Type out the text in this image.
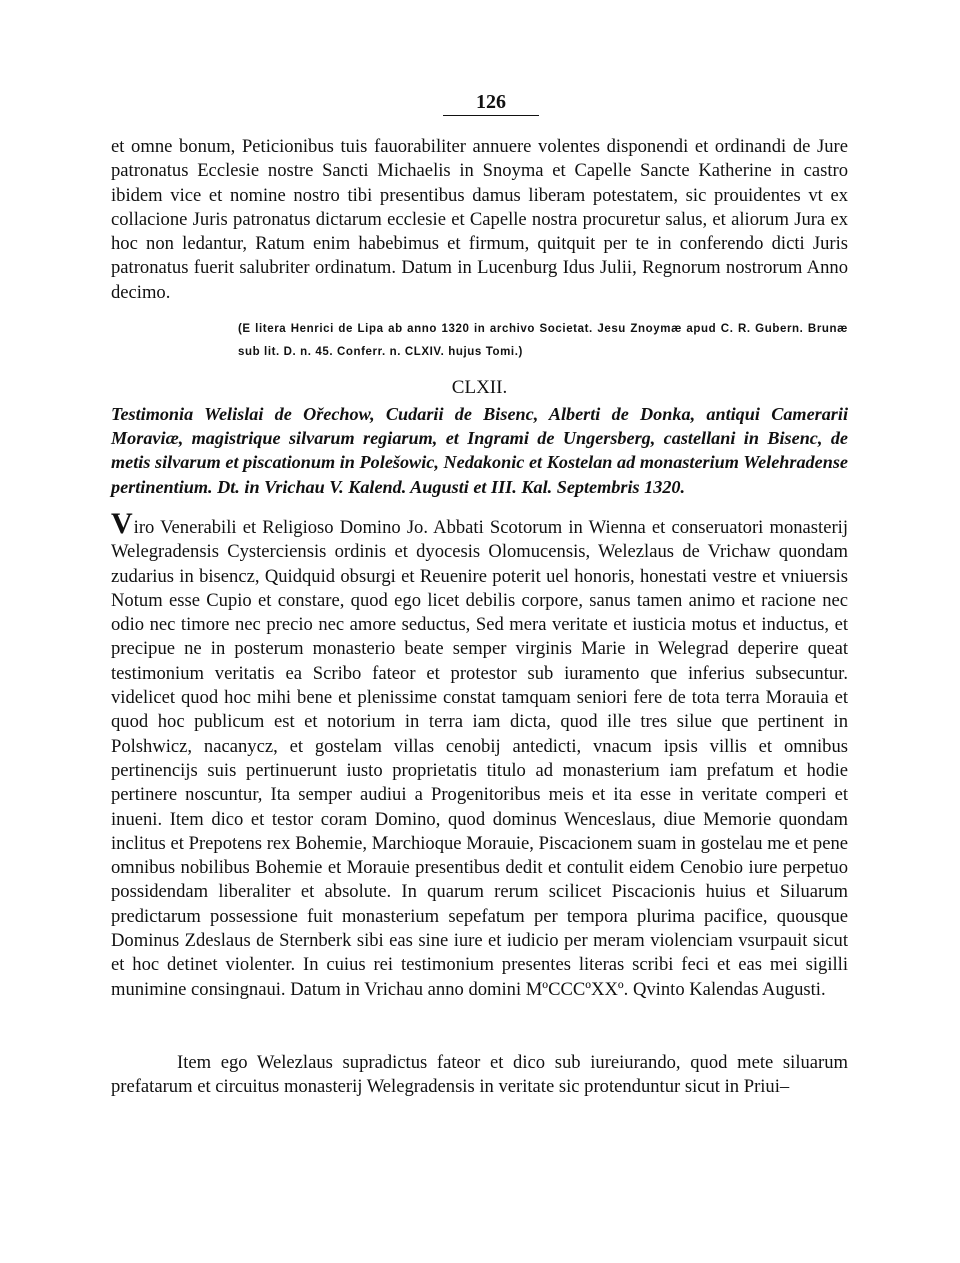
126
et omne bonum, Peticionibus tuis fauorabiliter annuere volentes disponendi et ordinandi de Jure patronatus Ecclesie nostre Sancti Michaelis in Snoyma et Capelle Sancte Katherine in castro ibidem vice et nomine nostro tibi presentibus damus liberam potestatem, sic prouidentes vt ex collacione Juris patronatus dictarum ecclesie et Capelle nostra procuretur salus, et aliorum Jura ex hoc non ledantur, Ratum enim habebimus et firmum, quitquit per te in conferendo dicti Juris patronatus fuerit salubriter ordinatum. Datum in Lucenburg Idus Julii, Regnorum nostrorum Anno decimo.
(E litera Henrici de Lipa ab anno 1320 in archivo Societat. Jesu Znoymæ apud C. R. Gubern. Brunæ sub lit. D. n. 45. Conferr. n. CLXIV. hujus Tomi.)
CLXII.
Testimonia Welislai de Ořechow, Cudarii de Bisenc, Alberti de Donka, antiqui Camerarii Moraviæ, magistrique silvarum regiarum, et Ingrami de Ungersberg, castellani in Bisenc, de metis silvarum et piscationum in Polešowic, Nedakonic et Kostelan ad monasterium Welehradense pertinentium. Dt. in Vrichau V. Kalend. Augusti et III. Kal. Septembris 1320.
Viro Venerabili et Religioso Domino Jo. Abbati Scotorum in Wienna et conseruatori monasterij Welegradensis Cysterciensis ordinis et dyocesis Olomucensis, Welezlaus de Vrichaw quondam zudarius in bisencz, Quidquid obsurgi et Reuenire poterit uel honoris, honestati vestre et vniuersis Notum esse Cupio et constare, quod ego licet debilis corpore, sanus tamen animo et racione nec odio nec timore nec precio nec amore seductus, Sed mera veritate et iusticia motus et inductus, et precipue ne in posterum monasterio beate semper virginis Marie in Welegrad deperire queat testimonium veritatis ea Scribo fateor et protestor sub iuramento que inferius subsecuntur. videlicet quod hoc mihi bene et plenissime constat tamquam seniori fere de tota terra Morauia et quod hoc publicum est et notorium in terra iam dicta, quod ille tres silue que pertinent in Polshwicz, nacanycz, et gostelam villas cenobij antedicti, vnacum ipsis villis et omnibus pertinencijs suis pertinuerunt iusto proprietatis titulo ad monasterium iam prefatum et hodie pertinere noscuntur, Ita semper audiui a Progenitoribus meis et ita esse in veritate comperi et inueni. Item dico et testor coram Domino, quod dominus Wenceslaus, diue Memorie quondam inclitus et Prepotens rex Bohemie, Marchioque Morauie, Piscacionem suam in gostelau me et pene omnibus nobilibus Bohemie et Morauie presentibus dedit et contulit eidem Cenobio iure perpetuo possidendam liberaliter et absolute. In quarum rerum scilicet Piscacionis huius et Siluarum predictarum possessione fuit monasterium sepefatum per tempora plurima pacifice, quousque Dominus Zdeslaus de Sternberk sibi eas sine iure et iudicio per meram violenciam vsurpauit sicut et hoc detinet violenter. In cuius rei testimonium presentes literas scribi feci et eas mei sigilli munimine consingnaui. Datum in Vrichau anno domini MºCCCºXXº. Qvinto Kalendas Augusti.
Item ego Welezlaus supradictus fateor et dico sub iureiurando, quod mete siluarum prefatarum et circuitus monasterij Welegradensis in veritate sic protenduntur sicut in Priui–
